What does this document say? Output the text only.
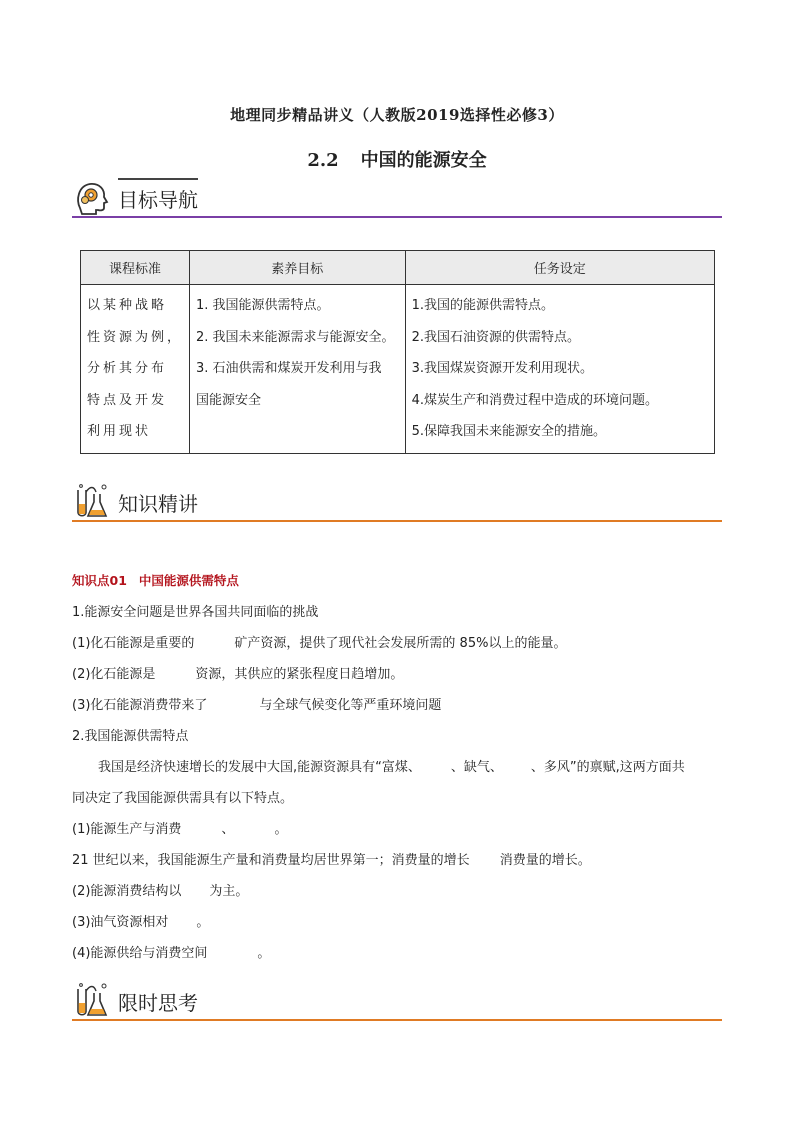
地理同步精品讲义（人教版2019选择性必修3）
2.2 中国的能源安全
目标导航
课程标准	素养目标	任务设定

以某种战略
性资源为例，
分析其分布
特点及开发
利用现状	1. 我国能源供需特点。
2. 我国未来能源需求与能源安全。
3. 石油供需和煤炭开发利用与我
国能源安全	1.我国的能源供需特点。
2.我国石油资源的供需特点。
3.我国煤炭资源开发利用现状。
4.煤炭生产和消费过程中造成的环境问题。
5.保障我国未来能源安全的措施。
知识精讲
知识点01 中国能源供需特点
1.能源安全问题是世界各国共同面临的挑战
(1)化石能源是重要的	矿产资源，提供了现代社会发展所需的 85%以上的能量。
(2)化石能源是	资源，其供应的紧张程度日趋增加。
(3)化石能源消费带来了	与全球气候变化等严重环境问题
2.我国能源供需特点
我国是经济快速增长的发展中大国,能源资源具有“富煤、 、缺气、 、多风”的禀赋,这两方面共
同决定了我国能源供需具有以下特点。
(1)能源生产与消费	、	。
21 世纪以来，我国能源生产量和消费量均居世界第一；消费量的增长 消费量的增长。
(2)能源消费结构以 为主。
(3)油气资源相对 。
(4)能源供给与消费空间	。
限时思考
